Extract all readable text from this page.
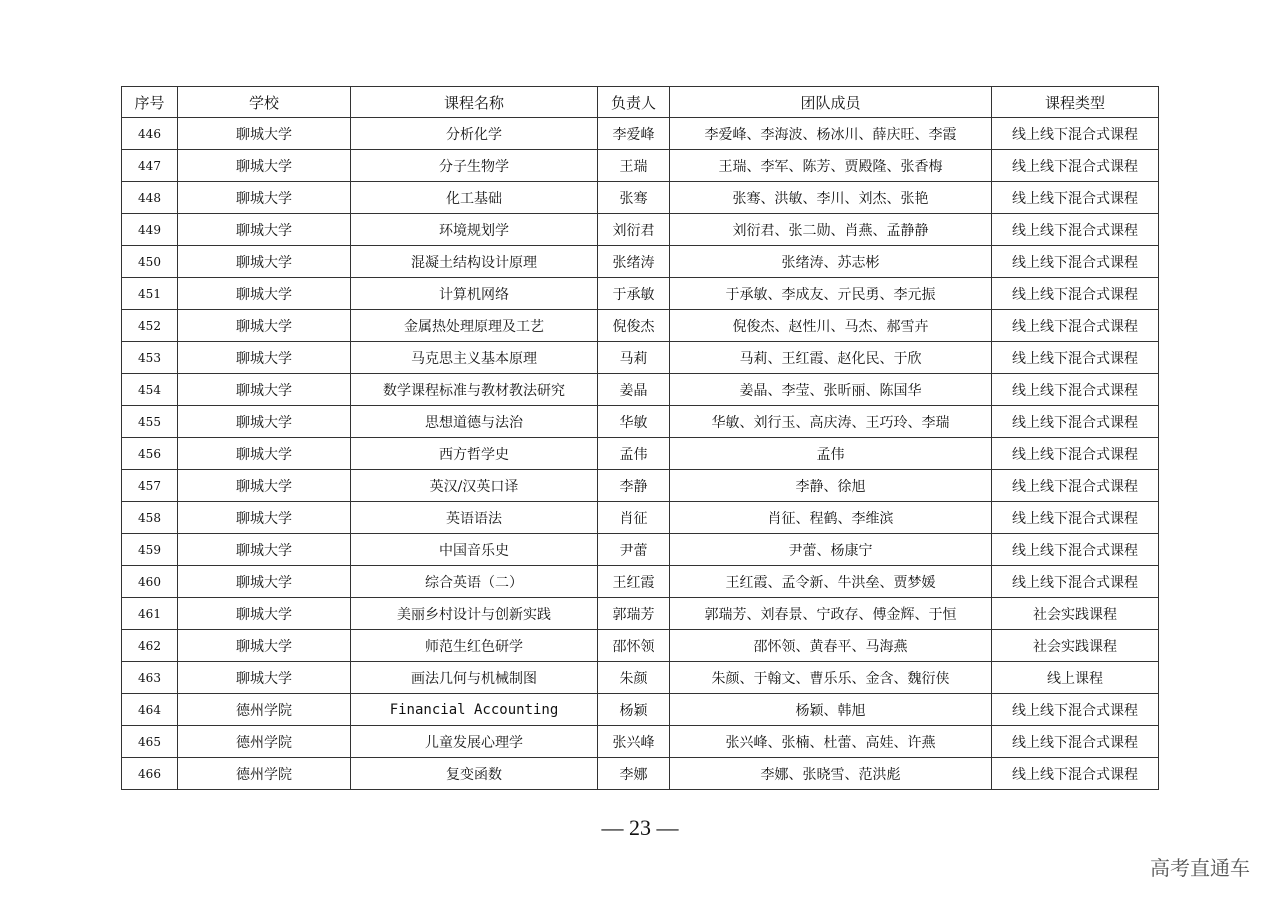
序号	学校	课程名称	负责人	团队成员	课程类型
446	聊城大学	分析化学	李爱峰	李爱峰、李海波、杨冰川、薛庆旺、李霞	线上线下混合式课程
447	聊城大学	分子生物学	王瑞	王瑞、李军、陈芳、贾殿隆、张香梅	线上线下混合式课程
448	聊城大学	化工基础	张骞	张骞、洪敏、李川、刘杰、张艳	线上线下混合式课程
449	聊城大学	环境规划学	刘衍君	刘衍君、张二勋、肖燕、孟静静	线上线下混合式课程
450	聊城大学	混凝土结构设计原理	张绪涛	张绪涛、苏志彬	线上线下混合式课程
451	聊城大学	计算机网络	于承敏	于承敏、李成友、亓民勇、李元振	线上线下混合式课程
452	聊城大学	金属热处理原理及工艺	倪俊杰	倪俊杰、赵性川、马杰、郝雪卉	线上线下混合式课程
453	聊城大学	马克思主义基本原理	马莉	马莉、王红霞、赵化民、于欣	线上线下混合式课程
454	聊城大学	数学课程标准与教材教法研究	姜晶	姜晶、李莹、张昕丽、陈国华	线上线下混合式课程
455	聊城大学	思想道德与法治	华敏	华敏、刘行玉、高庆涛、王巧玲、李瑞	线上线下混合式课程
456	聊城大学	西方哲学史	孟伟	孟伟	线上线下混合式课程
457	聊城大学	英汉/汉英口译	李静	李静、徐旭	线上线下混合式课程
458	聊城大学	英语语法	肖征	肖征、程鹤、李维滨	线上线下混合式课程
459	聊城大学	中国音乐史	尹蕾	尹蕾、杨康宁	线上线下混合式课程
460	聊城大学	综合英语（二）	王红霞	王红霞、孟令新、牛洪垒、贾梦媛	线上线下混合式课程
461	聊城大学	美丽乡村设计与创新实践	郭瑞芳	郭瑞芳、刘春景、宁政存、傅金辉、于恒	社会实践课程
462	聊城大学	师范生红色研学	邵怀领	邵怀领、黄春平、马海燕	社会实践课程
463	聊城大学	画法几何与机械制图	朱颜	朱颜、于翰文、曹乐乐、金含、魏衍侠	线上课程
464	德州学院	Financial Accounting	杨颖	杨颖、韩旭	线上线下混合式课程
465	德州学院	儿童发展心理学	张兴峰	张兴峰、张楠、杜蕾、高娃、许燕	线上线下混合式课程
466	德州学院	复变函数	李娜	李娜、张晓雪、范洪彪	线上线下混合式课程
— 23 —
高考直通车
